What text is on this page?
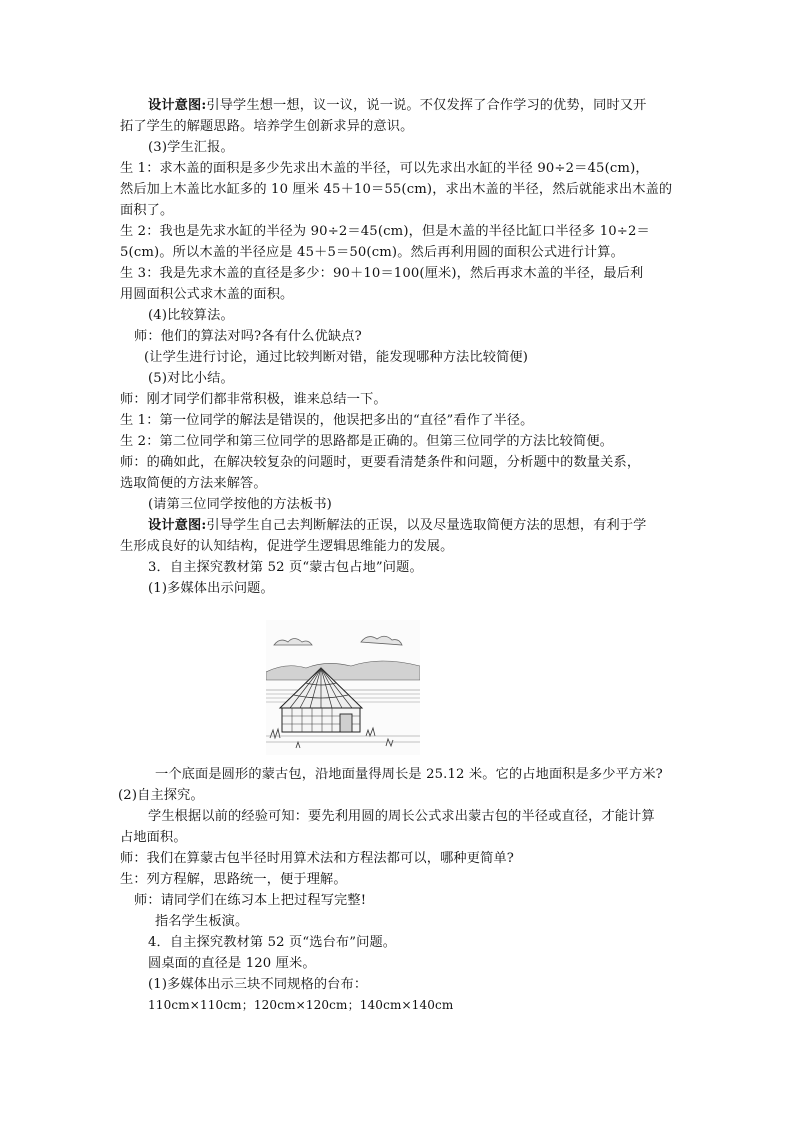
设计意图:引导学生想一想，议一议，说一说。不仅发挥了合作学习的优势，同时又开
拓了学生的解题思路。培养学生创新求异的意识。
(3)学生汇报。
生 1：求木盖的面积是多少先求出木盖的半径，可以先求出水缸的半径 90÷2＝45(cm)，
然后加上木盖比水缸多的 10 厘米 45＋10＝55(cm)，求出木盖的半径，然后就能求出木盖的
面积了。
生 2：我也是先求水缸的半径为 90÷2＝45(cm)，但是木盖的半径比缸口半径多 10÷2＝
5(cm)。所以木盖的半径应是 45＋5＝50(cm)。然后再利用圆的面积公式进行计算。
生 3：我是先求木盖的直径是多少：90＋10＝100(厘米)，然后再求木盖的半径，最后利
用圆面积公式求木盖的面积。
(4)比较算法。
师：他们的算法对吗?各有什么优缺点?
(让学生进行讨论，通过比较判断对错，能发现哪种方法比较简便)
(5)对比小结。
师：刚才同学们都非常积极，谁来总结一下。
生 1：第一位同学的解法是错误的，他误把多出的“直径”看作了半径。
生 2：第二位同学和第三位同学的思路都是正确的。但第三位同学的方法比较简便。
师：的确如此，在解决较复杂的问题时，更要看清楚条件和问题，分析题中的数量关系，
选取简便的方法来解答。
(请第三位同学按他的方法板书)
设计意图:引导学生自己去判断解法的正误，以及尽量选取简便方法的思想，有利于学
生形成良好的认知结构，促进学生逻辑思维能力的发展。
3．自主探究教材第 52 页“蒙古包占地”问题。
(1)多媒体出示问题。
一个底面是圆形的蒙古包，沿地面量得周长是 25.12 米。它的占地面积是多少平方米?
(2)自主探究。
学生根据以前的经验可知：要先利用圆的周长公式求出蒙古包的半径或直径，才能计算
占地面积。
师：我们在算蒙古包半径时用算术法和方程法都可以，哪种更简单?
生：列方程解，思路统一，便于理解。
师：请同学们在练习本上把过程写完整!
指名学生板演。
4．自主探究教材第 52 页“选台布”问题。
圆桌面的直径是 120 厘米。
(1)多媒体出示三块不同规格的台布：
110cm×110cm；120cm×120cm；140cm×140cm
